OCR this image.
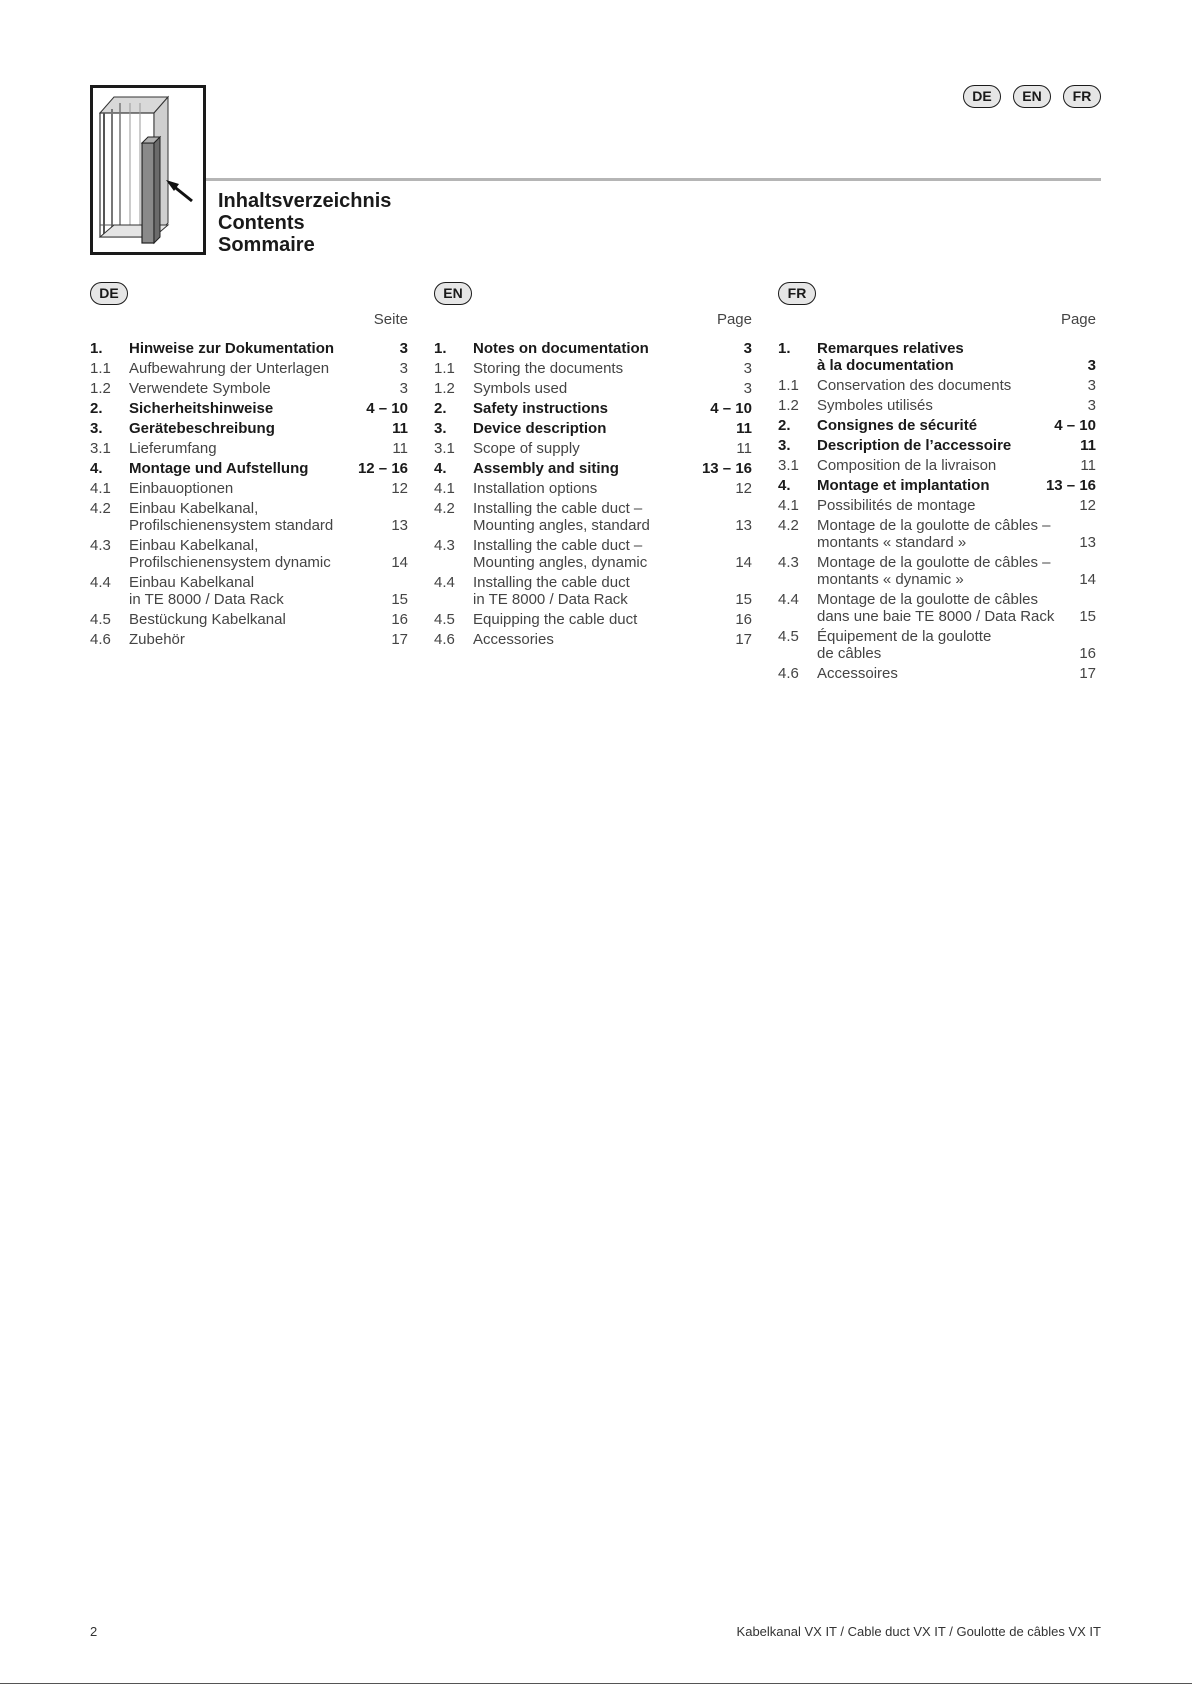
DE	EN	FR
Inhaltsverzeichnis
Contents
Sommaire
DE
Seite
1.	Hinweise zur Dokumentation	3
1.1	Aufbewahrung der Unterlagen	3
1.2	Verwendete Symbole	3
2.	Sicherheitshinweise	4 – 10
3.	Gerätebeschreibung	11
3.1	Lieferumfang	11
4.	Montage und Aufstellung	12 – 16
4.1	Einbauoptionen	12
4.2	Einbau Kabelkanal,
Profilschienensystem standard	13
4.3	Einbau Kabelkanal,
Profilschienensystem dynamic	14
4.4	Einbau Kabelkanal
in TE 8000 / Data Rack	15
4.5	Bestückung Kabelkanal	16
4.6	Zubehör	17
EN
Page
1.	Notes on documentation	3
1.1	Storing the documents	3
1.2	Symbols used	3
2.	Safety instructions	4 – 10
3.	Device description	11
3.1	Scope of supply	11
4.	Assembly and siting	13 – 16
4.1	Installation options	12
4.2	Installing the cable duct –
Mounting angles, standard	13
4.3	Installing the cable duct –
Mounting angles, dynamic	14
4.4	Installing the cable duct
in TE 8000 / Data Rack	15
4.5	Equipping the cable duct	16
4.6	Accessories	17
FR
Page
1.	Remarques relatives
à la documentation	3
1.1	Conservation des documents	3
1.2	Symboles utilisés	3
2.	Consignes de sécurité	4 – 10
3.	Description de l’accessoire	11
3.1	Composition de la livraison	11
4.	Montage et implantation	13 – 16
4.1	Possibilités de montage	12
4.2	Montage de la goulotte de câbles –
montants « standard »	13
4.3	Montage de la goulotte de câbles –
montants « dynamic »	14
4.4	Montage de la goulotte de câbles
dans une baie TE 8000 / Data Rack	15
4.5	Équipement de la goulotte
de câbles	16
4.6	Accessoires	17
2	Kabelkanal VX IT / Cable duct VX IT / Goulotte de câbles VX IT
